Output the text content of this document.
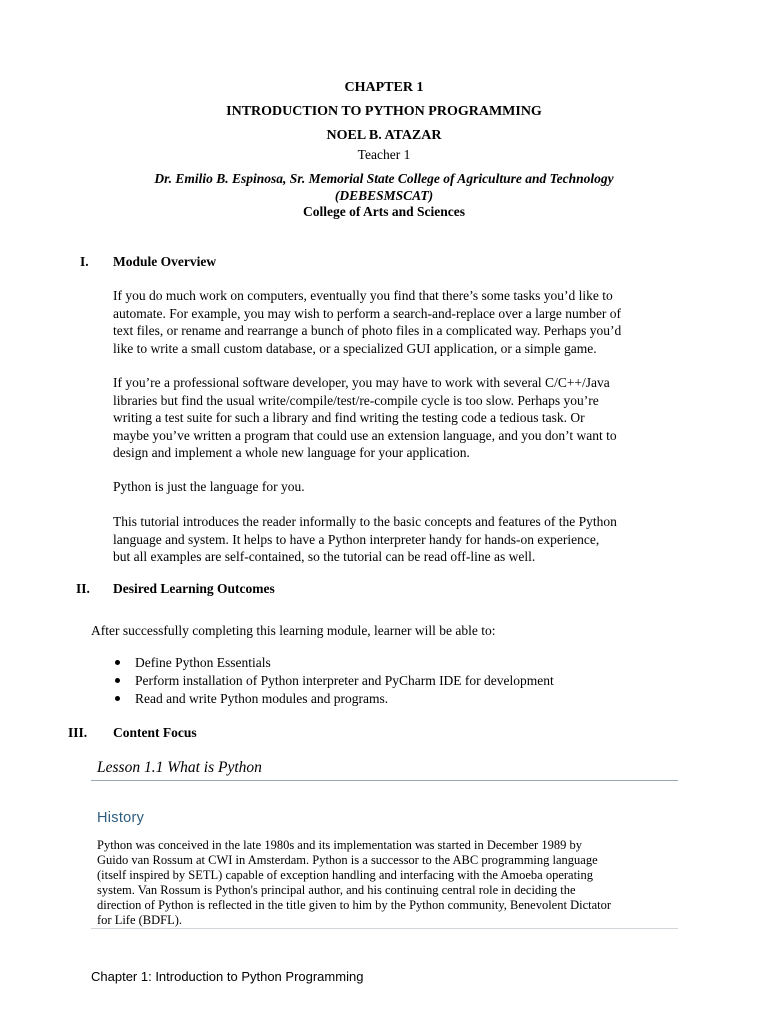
CHAPTER 1
INTRODUCTION TO PYTHON PROGRAMMING
NOEL B. ATAZAR
Teacher 1
Dr. Emilio B. Espinosa, Sr. Memorial State College of Agriculture and Technology
(DEBESMSCAT)
College of Arts and Sciences
I. Module Overview
If you do much work on computers, eventually you find that there’s some tasks you’d like to
automate. For example, you may wish to perform a search-and-replace over a large number of
text files, or rename and rearrange a bunch of photo files in a complicated way. Perhaps you’d
like to write a small custom database, or a specialized GUI application, or a simple game.
If you’re a professional software developer, you may have to work with several C/C++/Java
libraries but find the usual write/compile/test/re-compile cycle is too slow. Perhaps you’re
writing a test suite for such a library and find writing the testing code a tedious task. Or
maybe you’ve written a program that could use an extension language, and you don’t want to
design and implement a whole new language for your application.
Python is just the language for you.
This tutorial introduces the reader informally to the basic concepts and features of the Python
language and system. It helps to have a Python interpreter handy for hands-on experience,
but all examples are self-contained, so the tutorial can be read off-line as well.
II. Desired Learning Outcomes
After successfully completing this learning module, learner will be able to:
Define Python Essentials
Perform installation of Python interpreter and PyCharm IDE for development
Read and write Python modules and programs.
III. Content Focus
Lesson 1.1 What is Python
History
Python was conceived in the late 1980s and its implementation was started in December 1989 by
Guido van Rossum at CWI in Amsterdam. Python is a successor to the ABC programming language
(itself inspired by SETL) capable of exception handling and interfacing with the Amoeba operating
system. Van Rossum is Python's principal author, and his continuing central role in deciding the
direction of Python is reflected in the title given to him by the Python community, Benevolent Dictator
for Life (BDFL).
Chapter 1: Introduction to Python Programming
